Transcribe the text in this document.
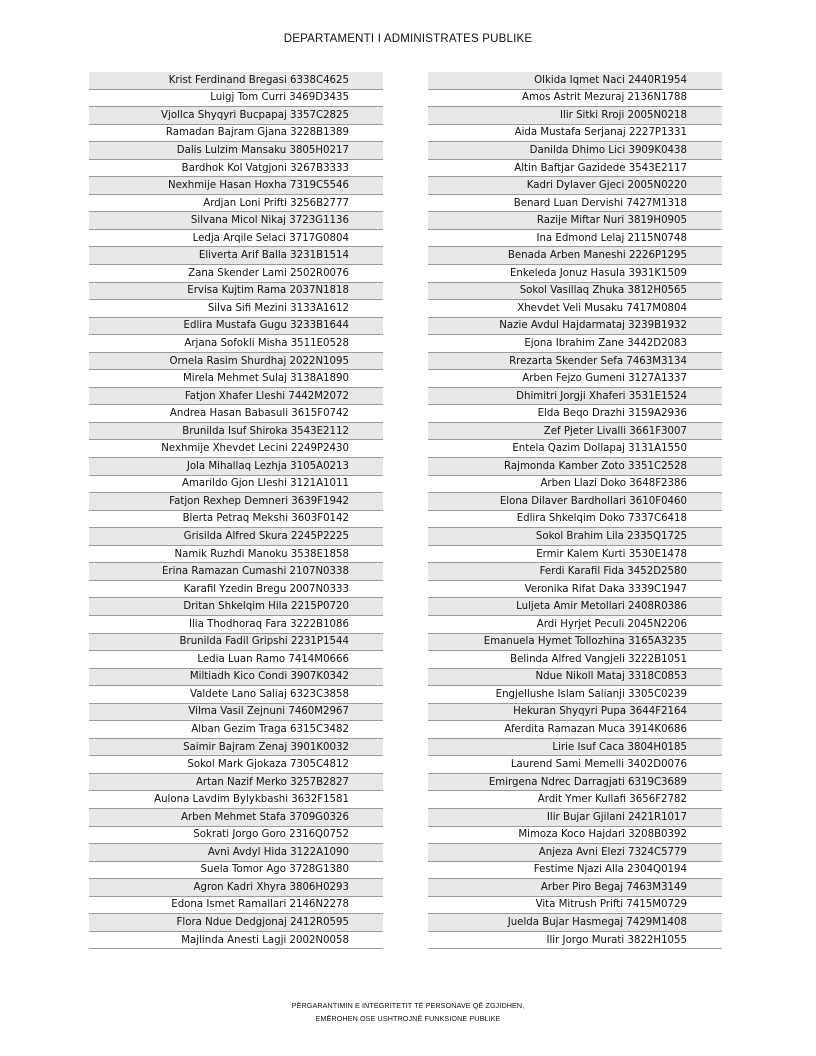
DEPARTAMENTI I ADMINISTRATES PUBLIKE
Krist Ferdinand Bregasi 6338C4625
Luigj Tom Curri 3469D3435
Vjollca Shyqyri Bucpapaj 3357C2825
Ramadan Bajram Gjana 3228B1389
Dalis Lulzim Mansaku 3805H0217
Bardhok Kol Vatgjoni 3267B3333
Nexhmije Hasan Hoxha 7319C5546
Ardjan Loni Prifti 3256B2777
Silvana Micol Nikaj 3723G1136
Ledja Arqile Selaci 3717G0804
Eliverta Arif Balla 3231B1514
Zana Skender Lami 2502R0076
Ervisa Kujtim Rama 2037N1818
Silva Sifi Mezini 3133A1612
Edlira Mustafa Gugu 3233B1644
Arjana Sofokli Misha 3511E0528
Ornela Rasim Shurdhaj 2022N1095
Mirela Mehmet Sulaj 3138A1890
Fatjon Xhafer Lleshi 7442M2072
Andrea Hasan Babasuli 3615F0742
Brunilda Isuf Shiroka 3543E2112
Nexhmije Xhevdet Lecini 2249P2430
Jola Mihallaq Lezhja 3105A0213
Amarildo Gjon Lleshi 3121A1011
Fatjon Rexhep Demneri 3639F1942
Blerta Petraq Mekshi 3603F0142
Grisilda Alfred Skura 2245P2225
Namik Ruzhdi Manoku 3538E1858
Erina Ramazan Cumashi 2107N0338
Karafil Yzedin Bregu 2007N0333
Dritan Shkelqim Hila 2215P0720
Ilia Thodhoraq Fara 3222B1086
Brunilda Fadil Gripshi 2231P1544
Ledia Luan Ramo 7414M0666
Miltiadh Kico Condi 3907K0342
Valdete Lano Saliaj 6323C3858
Vilma Vasil Zejnuni 7460M2967
Alban Gezim Traga 6315C3482
Saimir Bajram Zenaj 3901K0032
Sokol Mark Gjokaza 7305C4812
Artan Nazif Merko 3257B2827
Aulona Lavdim Bylykbashi 3632F1581
Arben Mehmet Stafa 3709G0326
Sokrati Jorgo Goro 2316Q0752
Avni Avdyl Hida 3122A1090
Suela Tomor Ago 3728G1380
Agron Kadri Xhyra 3806H0293
Edona Ismet Ramallari 2146N2278
Flora Ndue Dedgjonaj 2412R0595
Majlinda Anesti Lagji 2002N0058
Olkida Iqmet Naci 2440R1954
Amos Astrit Mezuraj 2136N1788
Ilir Sitki Rroji 2005N0218
Aida Mustafa Serjanaj 2227P1331
Danilda Dhimo Lici 3909K0438
Altin Baftjar Gazidede 3543E2117
Kadri Dylaver Gjeci 2005N0220
Benard Luan Dervishi 7427M1318
Razije Miftar Nuri 3819H0905
Ina Edmond Lelaj 2115N0748
Benada Arben Maneshi 2226P1295
Enkeleda Jonuz Hasula 3931K1509
Sokol Vasillaq Zhuka 3812H0565
Xhevdet Veli Musaku 7417M0804
Nazie Avdul Hajdarmataj 3239B1932
Ejona Ibrahim Zane 3442D2083
Rrezarta Skender Sefa 7463M3134
Arben Fejzo Gumeni 3127A1337
Dhimitri Jorgji Xhaferi 3531E1524
Elda Beqo Drazhi 3159A2936
Zef Pjeter Livalli 3661F3007
Entela Qazim Dollapaj 3131A1550
Rajmonda Kamber Zoto 3351C2528
Arben Llazi Doko 3648F2386
Elona Dilaver Bardhollari 3610F0460
Edlira Shkelqim Doko 7337C6418
Sokol Brahim Lila 2335Q1725
Ermir Kalem Kurti 3530E1478
Ferdi Karafil Fida 3452D2580
Veronika Rifat Daka 3339C1947
Luljeta Amir Metollari 2408R0386
Ardi Hyrjet Peculi 2045N2206
Emanuela Hymet Tollozhina 3165A3235
Belinda Alfred Vangjeli 3222B1051
Ndue Nikoll Mataj 3318C0853
Engjellushe Islam Salianji 3305C0239
Hekuran Shyqyri Pupa 3644F2164
Aferdita Ramazan Muca 3914K0686
Lirie Isuf Caca 3804H0185
Laurend Sami Memelli 3402D0076
Emirgena Ndrec Darragjati 6319C3689
Ardit Ymer Kullafi 3656F2782
Ilir Bujar Gjilani 2421R1017
Mimoza Koco Hajdari 3208B0392
Anjeza Avni Elezi 7324C5779
Festime Njazi Alla 2304Q0194
Arber Piro Begaj 7463M3149
Vita Mitrush Prifti 7415M0729
Juelda Bujar Hasmegaj 7429M1408
Ilir Jorgo Murati 3822H1055
PËRGARANTIMIN E INTEGRITETIT TË PERSONAVE QË ZGJIDHEN,
EMËROHEN OSE USHTROJNË FUNKSIONE PUBLIKE
